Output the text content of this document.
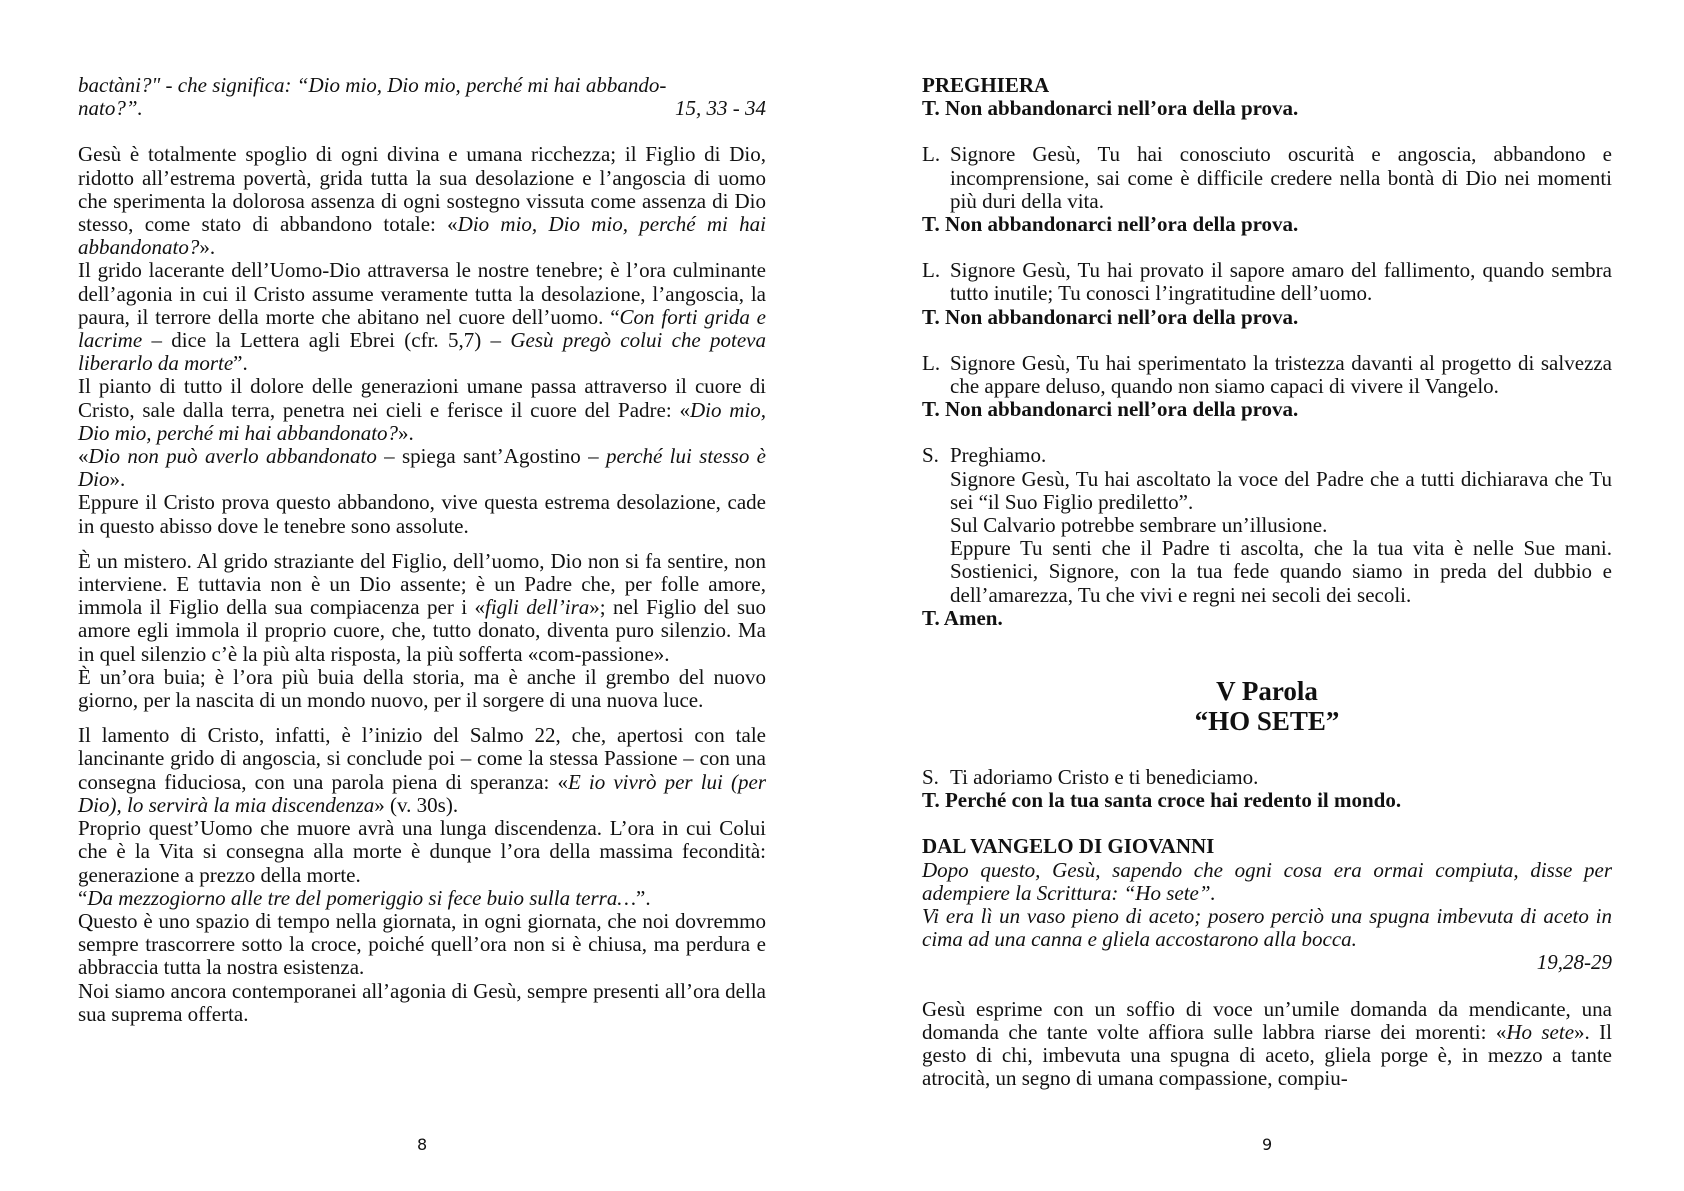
bactàni?" - che significa: “Dio mio, Dio mio, perché mi hai abbando-

nato?”.	15, 33 - 34

Gesù è totalmente spoglio di ogni divina e umana ricchezza; il Figlio di Dio, ridotto all’estrema povertà, grida tutta la sua desolazione e l’angoscia di uomo che sperimenta la dolorosa assenza di ogni sostegno vissuta come assenza di Dio stesso, come stato di abbandono totale: «Dio mio, Dio mio, perché mi hai abbandonato?».

Il grido lacerante dell’Uomo-Dio attraversa le nostre tenebre; è l’ora culminante dell’agonia in cui il Cristo assume veramente tutta la desolazione, l’angoscia, la paura, il terrore della morte che abitano nel cuore dell’uomo. “Con forti grida e lacrime – dice la Lettera agli Ebrei (cfr. 5,7) – Gesù pregò colui che poteva liberarlo da morte”.

Il pianto di tutto il dolore delle generazioni umane passa attraverso il cuore di Cristo, sale dalla terra, penetra nei cieli e ferisce il cuore del Padre: «Dio mio, Dio mio, perché mi hai abbandonato?».

«Dio non può averlo abbandonato – spiega sant’Agostino – perché lui stesso è Dio».

Eppure il Cristo prova questo abbandono, vive questa estrema desolazione, cade in questo abisso dove le tenebre sono assolute.

È un mistero. Al grido straziante del Figlio, dell’uomo, Dio non si fa sentire, non interviene. E tuttavia non è un Dio assente; è un Padre che, per folle amore, immola il Figlio della sua compiacenza per i «figli dell’ira»; nel Figlio del suo amore egli immola il proprio cuore, che, tutto donato, diventa puro silenzio. Ma in quel silenzio c’è la più alta risposta, la più sofferta «com-passione».

È un’ora buia; è l’ora più buia della storia, ma è anche il grembo del nuovo giorno, per la nascita di un mondo nuovo, per il sorgere di una nuova luce.

Il lamento di Cristo, infatti, è l’inizio del Salmo 22, che, apertosi con tale lancinante grido di angoscia, si conclude poi – come la stessa Passione – con una consegna fiduciosa, con una parola piena di speranza: «E io vivrò per lui (per Dio), lo servirà la mia discendenza» (v. 30s).

Proprio quest’Uomo che muore avrà una lunga discendenza. L’ora in cui Colui che è la Vita si consegna alla morte è dunque l’ora della massima fecondità: generazione a prezzo della morte.

“Da mezzogiorno alle tre del pomeriggio si fece buio sulla terra…”.

Questo è uno spazio di tempo nella giornata, in ogni giornata, che noi dovremmo sempre trascorrere sotto la croce, poiché quell’ora non si è chiusa, ma perdura e abbraccia tutta la nostra esistenza.

Noi siamo ancora contemporanei all’agonia di Gesù, sempre presenti all’ora della sua suprema offerta.

8
PREGHIERA
T. Non abbandonarci nell’ora della prova.
L. Signore Gesù, Tu hai conosciuto oscurità e angoscia, abbandono e incomprensione, sai come è difficile credere nella bontà di Dio nei momenti più duri della vita.
T. Non abbandonarci nell’ora della prova.
L. Signore Gesù, Tu hai provato il sapore amaro del fallimento, quando sembra tutto inutile; Tu conosci l’ingratitudine dell’uomo.
T. Non abbandonarci nell’ora della prova.
L. Signore Gesù, Tu hai sperimentato la tristezza davanti al progetto di salvezza che appare deluso, quando non siamo capaci di vivere il Vangelo.
T. Non abbandonarci nell’ora della prova.
S. Preghiamo.
Signore Gesù, Tu hai ascoltato la voce del Padre che a tutti dichiarava che Tu sei “il Suo Figlio prediletto”.
Sul Calvario potrebbe sembrare un’illusione.
Eppure Tu senti che il Padre ti ascolta, che la tua vita è nelle Sue mani. Sostienici, Signore, con la tua fede quando siamo in preda del dubbio e dell’amarezza, Tu che vivi e regni nei secoli dei secoli.
T. Amen.
V Parola
“HO SETE”
S. Ti adoriamo Cristo e ti benediciamo.
T. Perché con la tua santa croce hai redento il mondo.
DAL VANGELO DI GIOVANNI

Dopo questo, Gesù, sapendo che ogni cosa era ormai compiuta, disse per adempiere la Scrittura: “Ho sete”.

Vi era lì un vaso pieno di aceto; posero perciò una spugna imbevuta di aceto in cima ad una canna e gliela accostarono alla bocca.

19,28-29

Gesù esprime con un soffio di voce un’umile domanda da mendicante, una domanda che tante volte affiora sulle labbra riarse dei morenti: «Ho sete». Il gesto di chi, imbevuta una spugna di aceto, gliela porge è, in mezzo a tante atrocità, un segno di umana compassione, compiu-

9
